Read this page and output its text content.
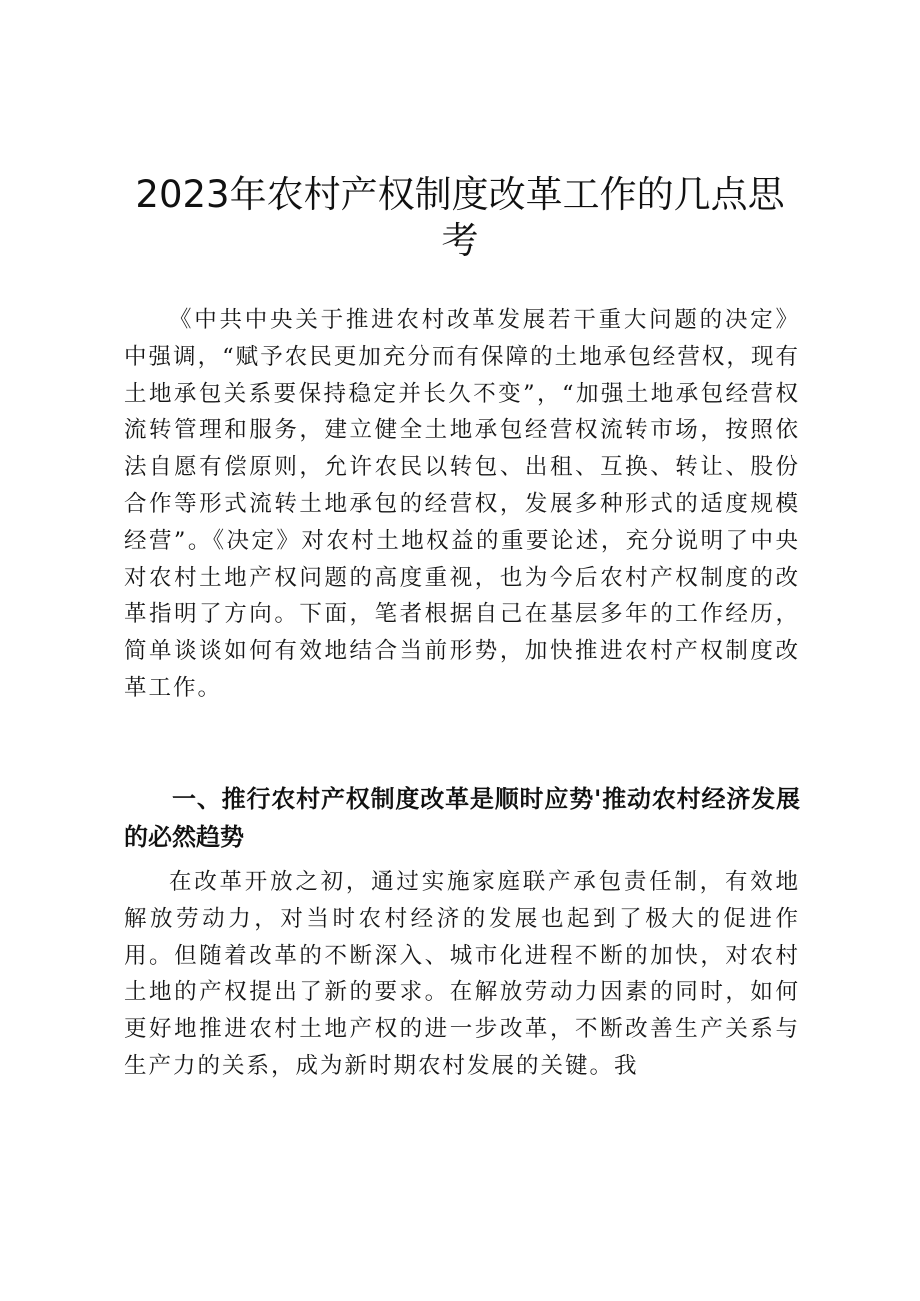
2023年农村产权制度改革工作的几点思考

《中共中央关于推进农村改革发展若干重大问题的决定》中强调，“赋予农民更加充分而有保障的土地承包经营权，现有土地承包关系要保持稳定并长久不变”，“加强土地承包经营权流转管理和服务，建立健全土地承包经营权流转市场，按照依法自愿有偿原则，允许农民以转包、出租、互换、转让、股份合作等形式流转土地承包的经营权，发展多种形式的适度规模经营”。《决定》对农村土地权益的重要论述，充分说明了中央对农村土地产权问题的高度重视，也为今后农村产权制度的改革指明了方向。下面，笔者根据自己在基层多年的工作经历，简单谈谈如何有效地结合当前形势，加快推进农村产权制度改革工作。

一、推行农村产权制度改革是顺时应势'推动农村经济发展的必然趋势

在改革开放之初，通过实施家庭联产承包责任制，有效地解放劳动力，对当时农村经济的发展也起到了极大的促进作用。但随着改革的不断深入、城市化进程不断的加快，对农村土地的产权提出了新的要求。在解放劳动力因素的同时，如何更好地推进农村土地产权的进一步改革，不断改善生产关系与生产力的关系，成为新时期农村发展的关键。我
